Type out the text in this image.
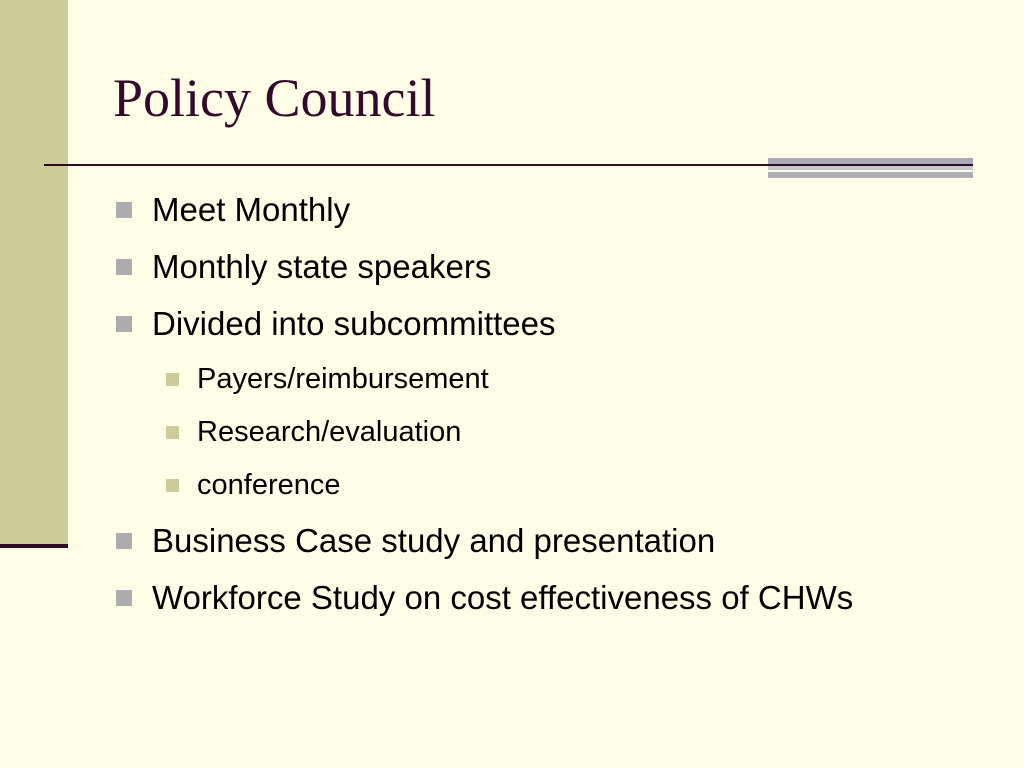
Policy Council
Meet Monthly
Monthly state speakers
Divided into subcommittees
Payers/reimbursement
Research/evaluation
conference
Business Case study and presentation
Workforce Study on cost effectiveness of CHWs
